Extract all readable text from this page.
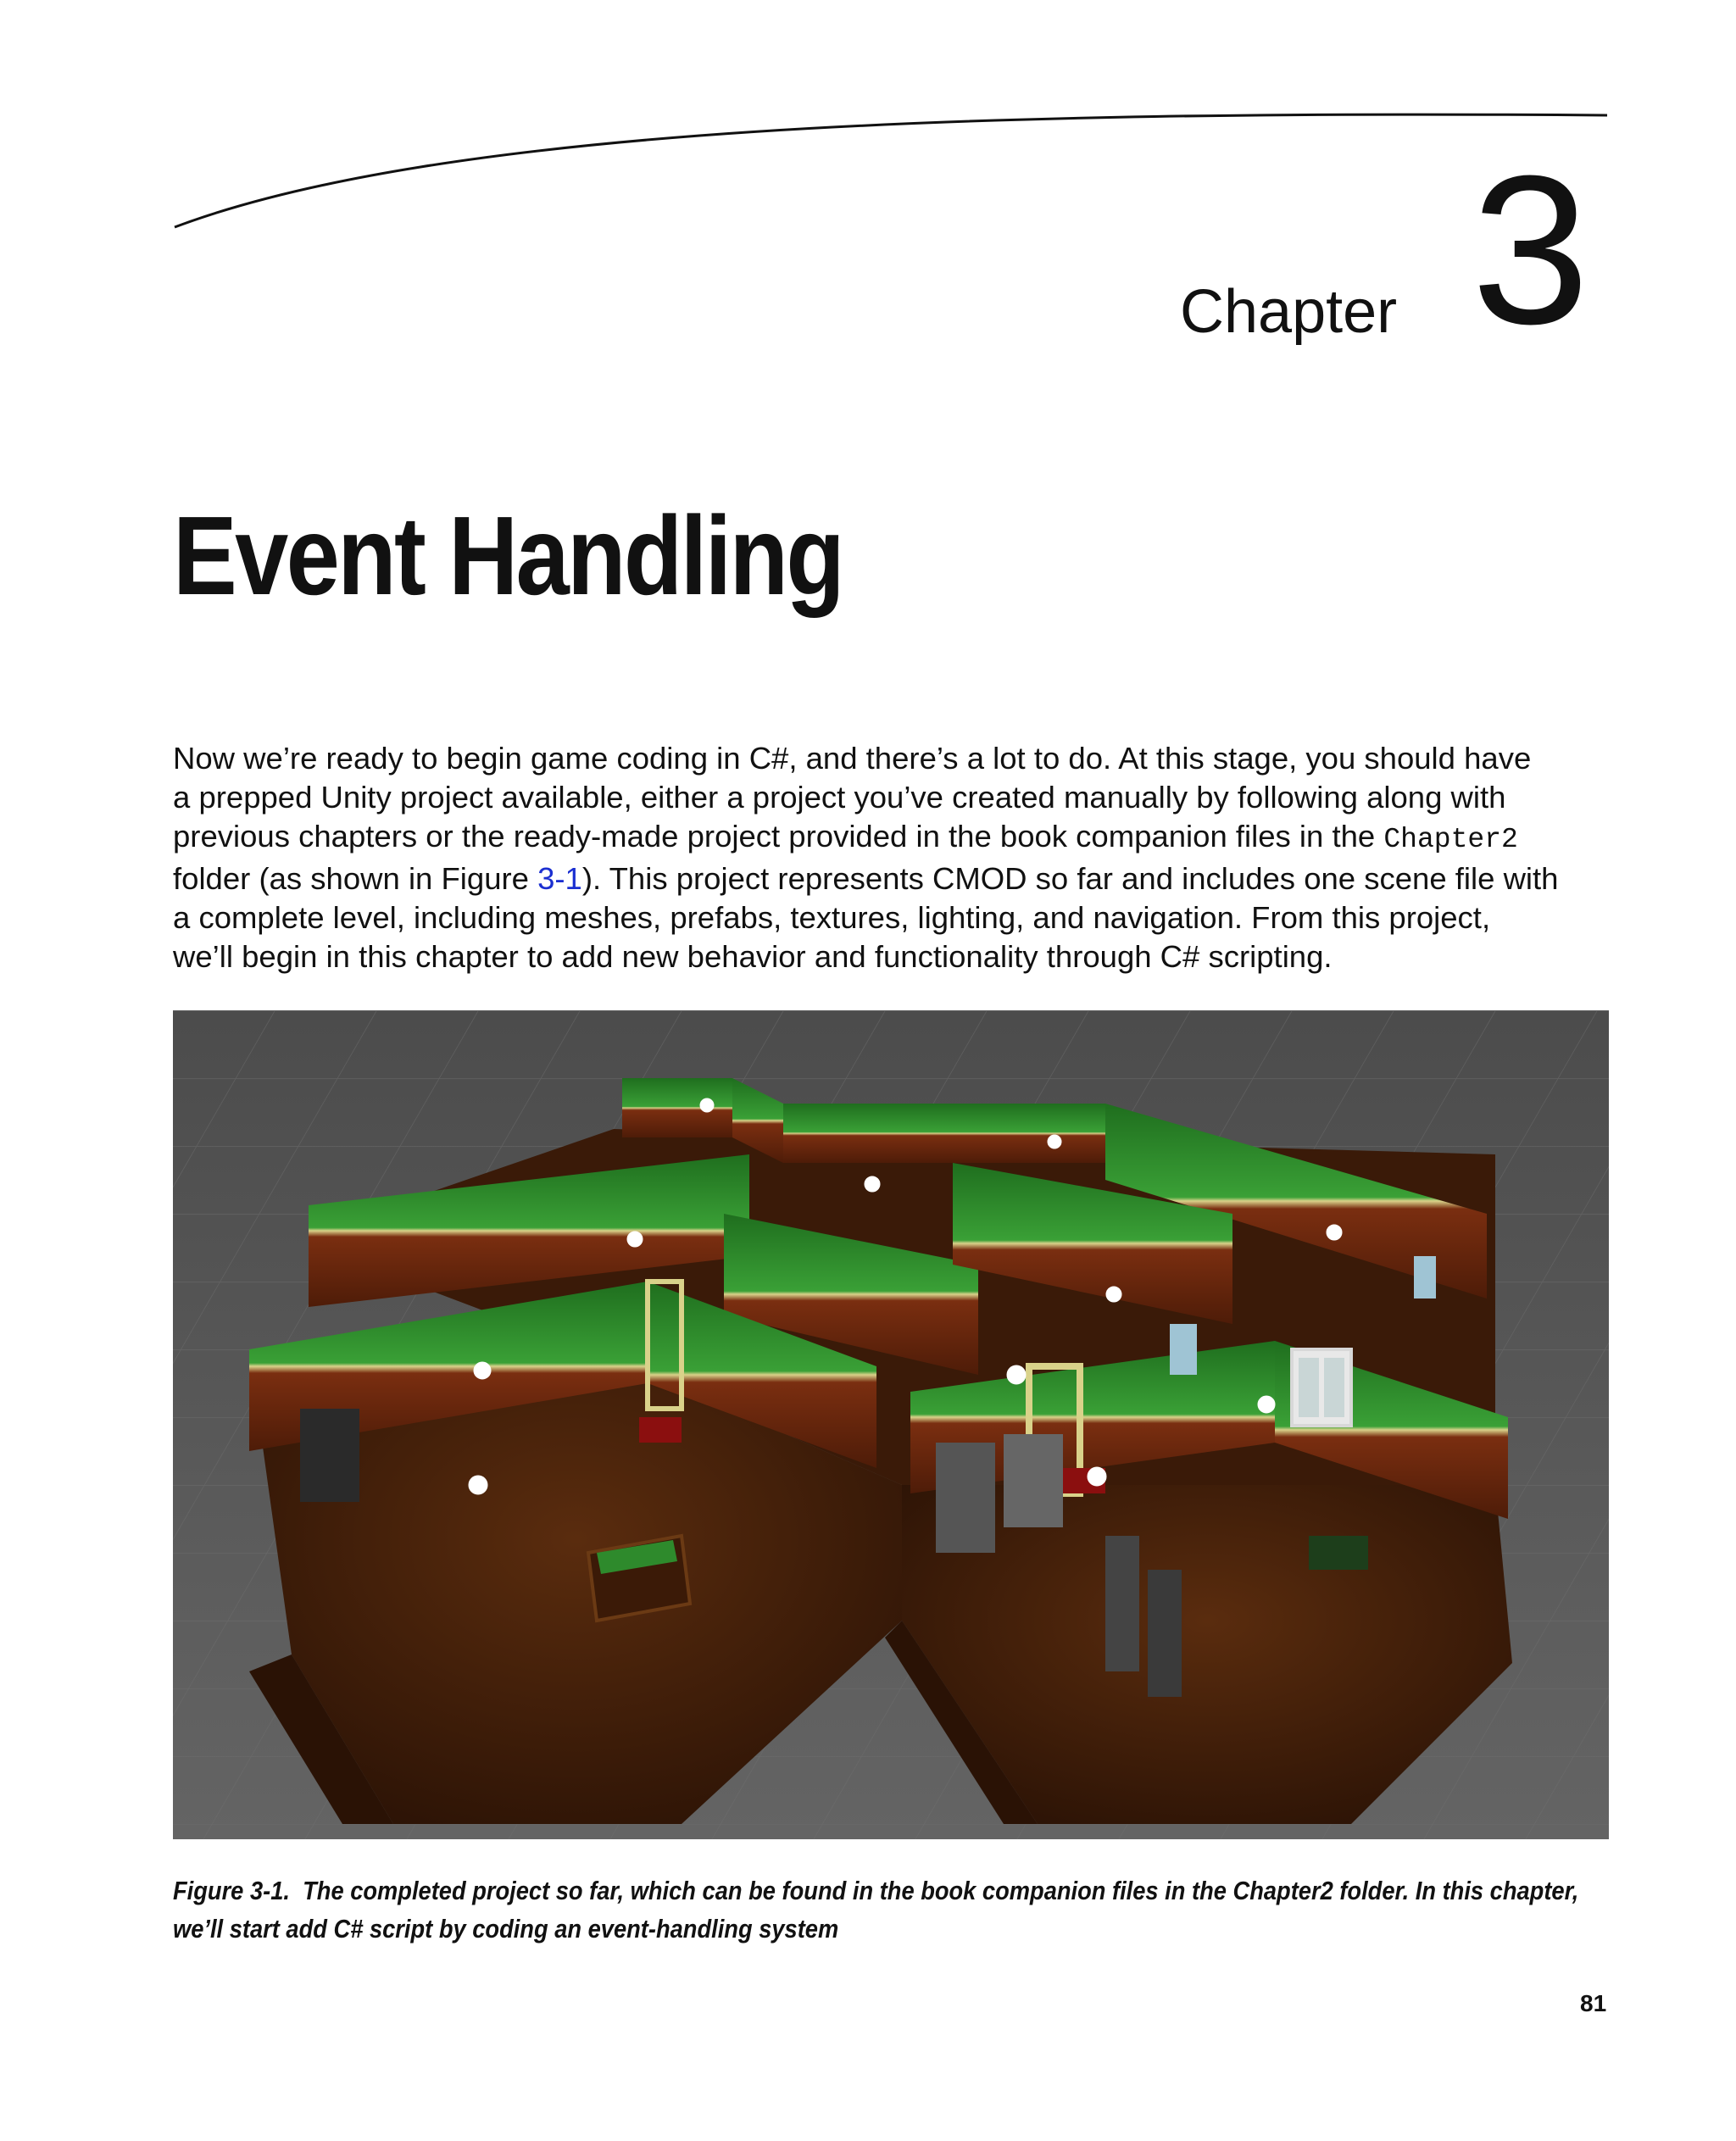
Chapter 3
Event Handling
Now we’re ready to begin game coding in C#, and there’s a lot to do. At this stage, you should have
a prepped Unity project available, either a project you’ve created manually by following along with
previous chapters or the ready-made project provided in the book companion files in the Chapter2
folder (as shown in Figure 3-1). This project represents CMOD so far and includes one scene file with
a complete level, including meshes, prefabs, textures, lighting, and navigation. From this project,
we’ll begin in this chapter to add new behavior and functionality through C# scripting.
Figure 3-1. The completed project so far, which can be found in the book companion files in the Chapter2 folder. In this chapter,
we’ll start add C# script by coding an event-handling system
81
